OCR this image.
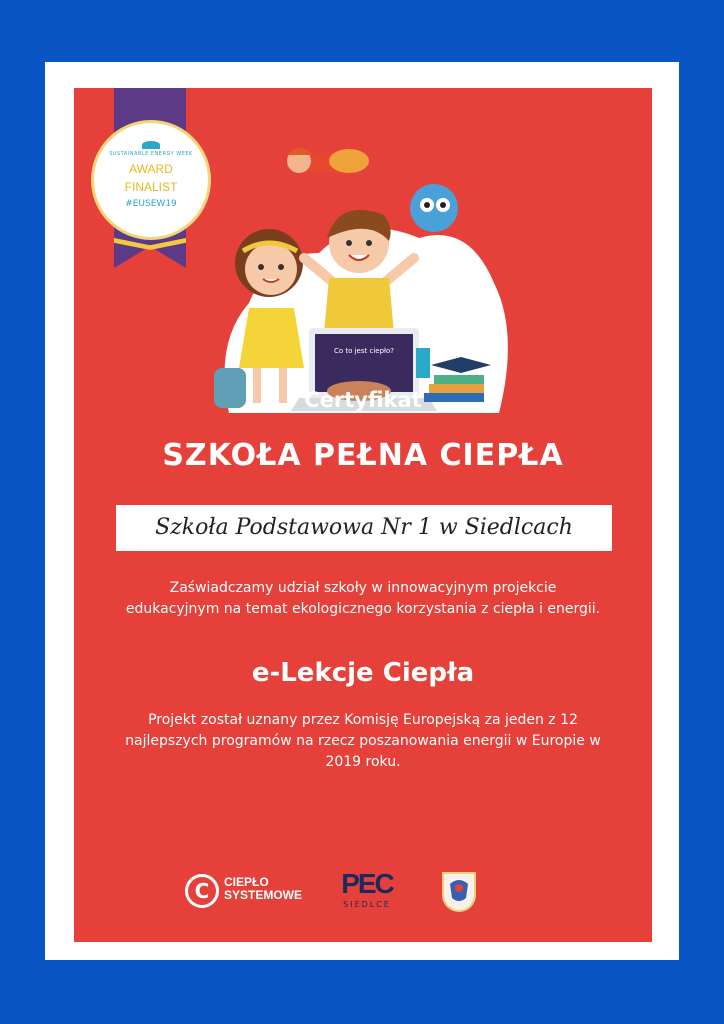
SUSTAINABLE ENERGY WEEK
AWARD
FINALIST
#EUSEW19
Co to jest ciepło?
Certyfikat
SZKOŁA PEŁNA CIEPŁA
Szkoła Podstawowa Nr 1 w Siedlcach
Zaświadczamy udział szkoły w innowacyjnym projekcie edukacyjnym na temat ekologicznego korzystania z ciepła i energii.
e-Lekcje Ciepła
Projekt został uznany przez Komisję Europejską za jeden z 12 najlepszych programów na rzecz poszanowania energii w Europie w 2019 roku.
C	CIEPŁO
SYSTEMOWE	PEC
SIEDLCE
